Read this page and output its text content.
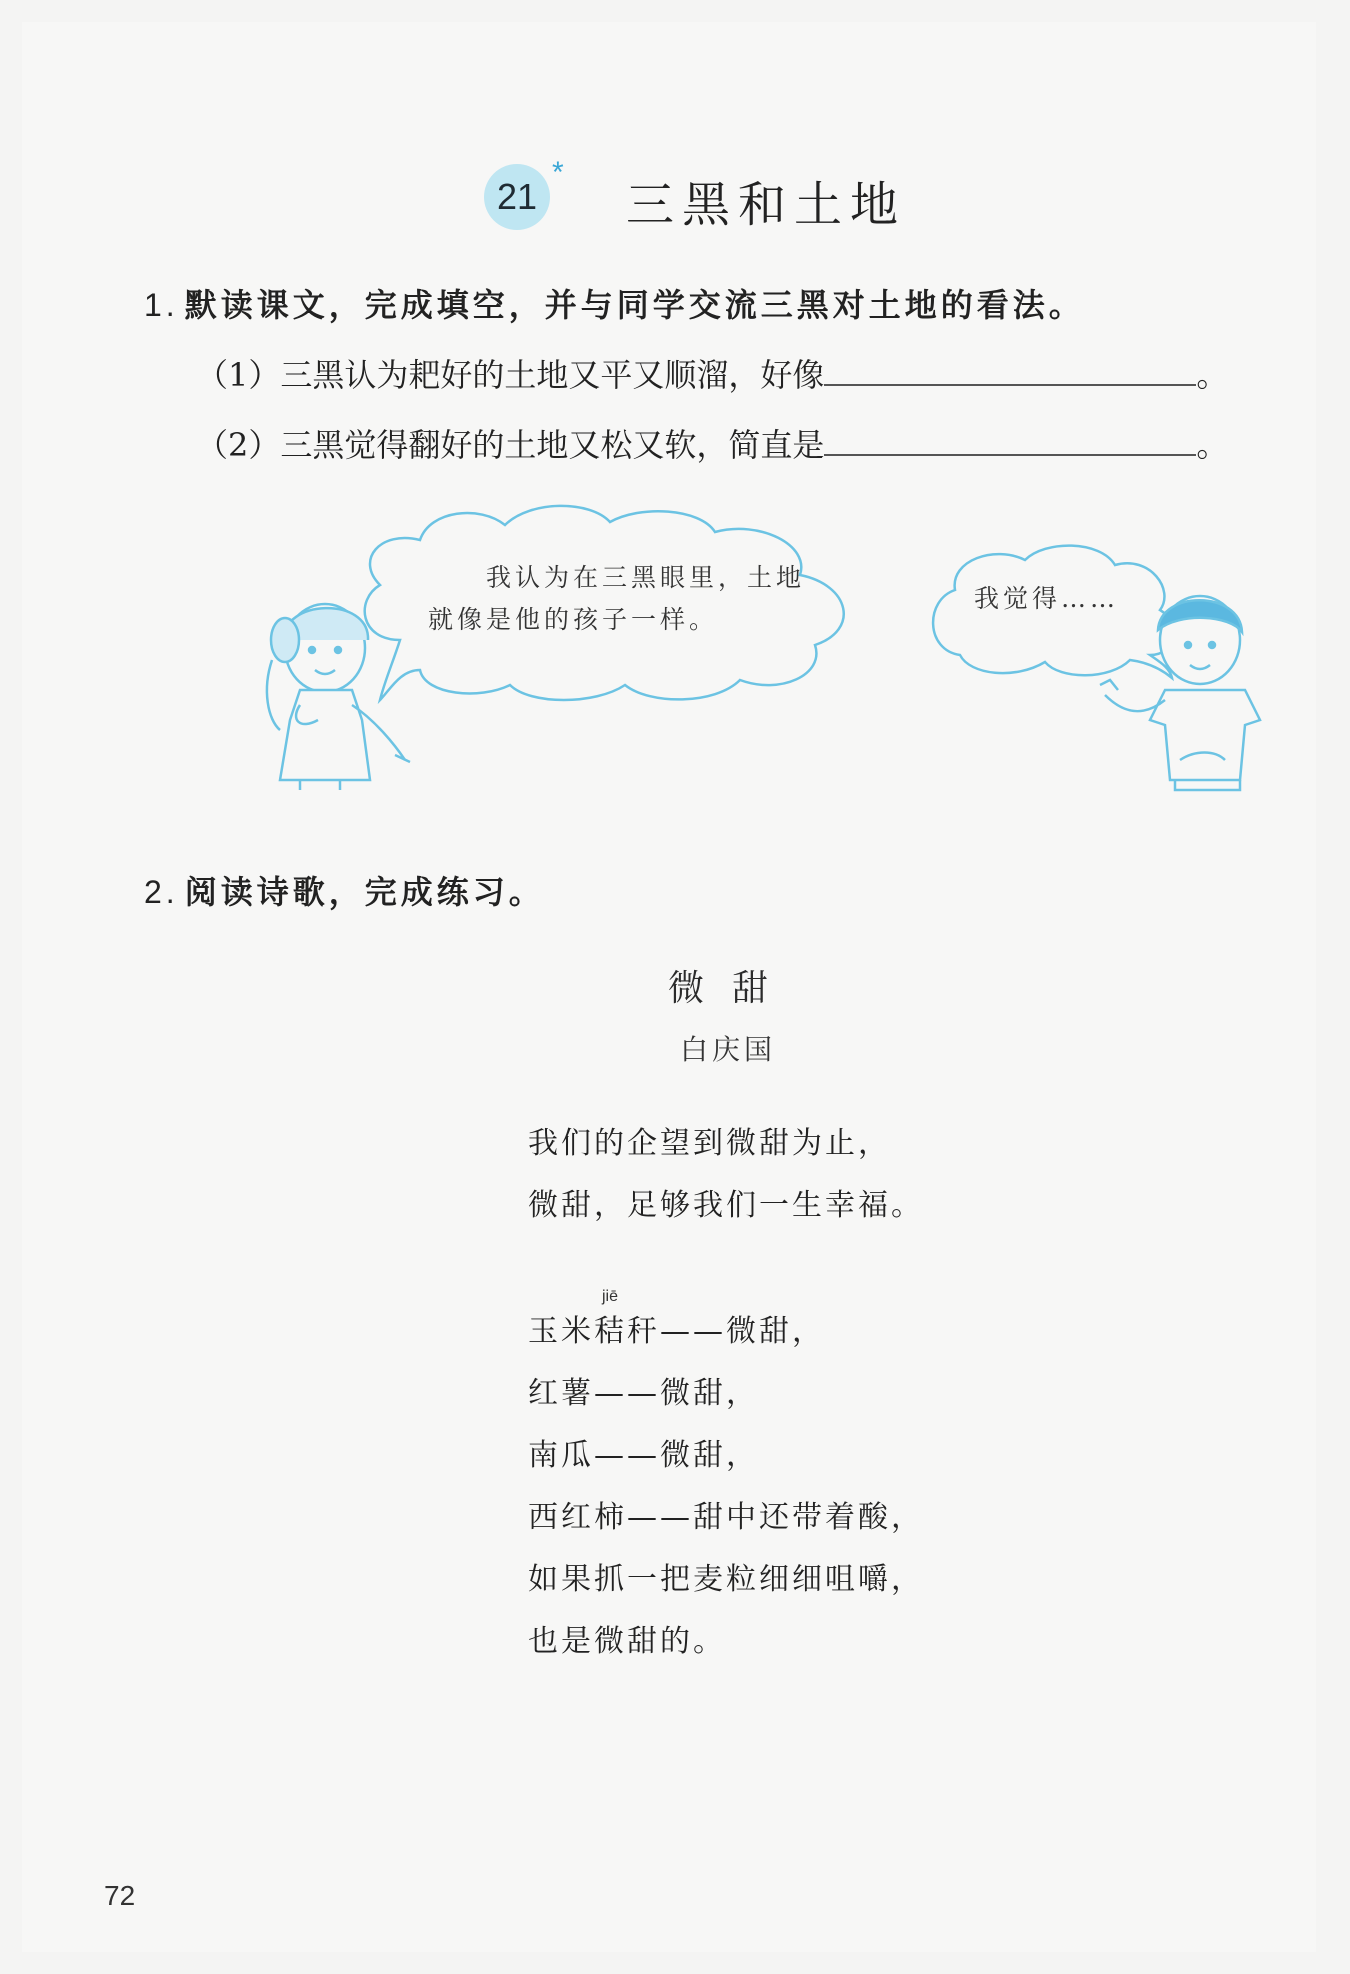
21
*
三黑和土地
1. 默读课文，完成填空，并与同学交流三黑对土地的看法。
（1）三黑认为耙好的土地又平又顺溜，好像	。
（2）三黑觉得翻好的土地又松又软，简直是	。
我认为在三黑眼里，土地
就像是他的孩子一样。
我觉得……
2. 阅读诗歌，完成练习。
微甜
白庆国
我们的企望到微甜为止，
微甜，足够我们一生幸福。
jiē
玉米秸秆——微甜，
红薯——微甜，
南瓜——微甜，
西红柿——甜中还带着酸，
如果抓一把麦粒细细咀嚼，
也是微甜的。
72
